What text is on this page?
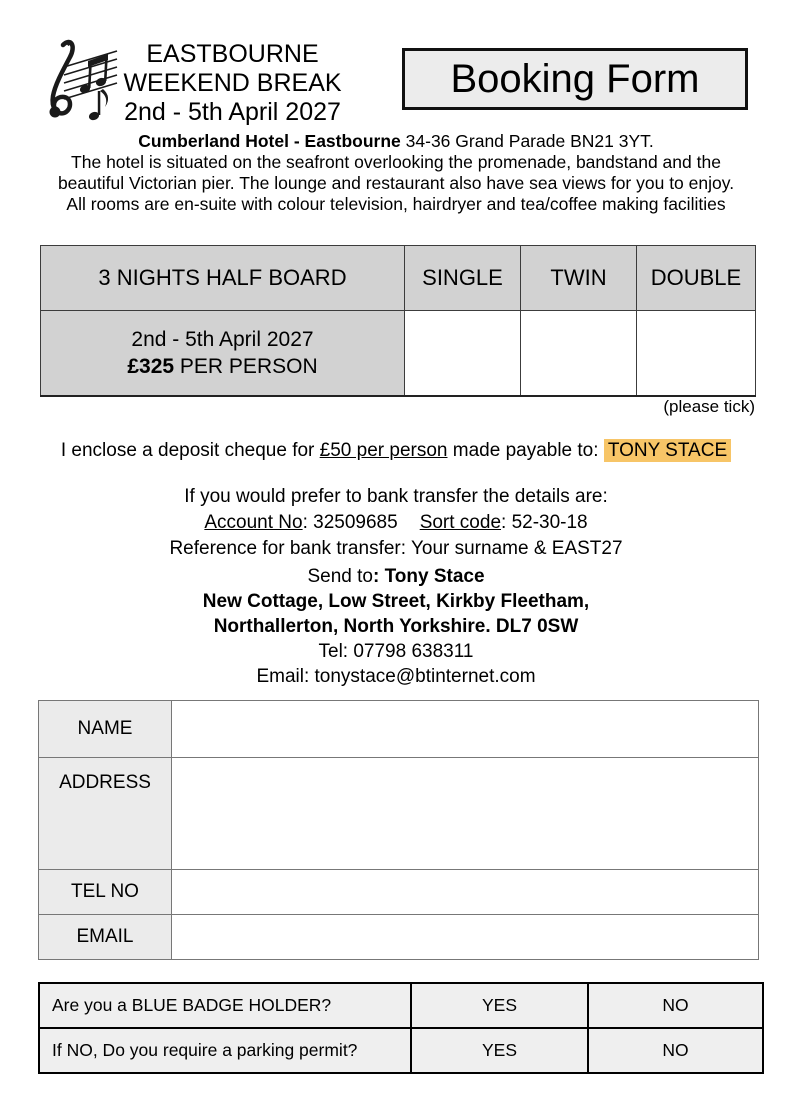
EASTBOURNE
WEEKEND BREAK
2nd - 5th April 2027
Booking Form
Cumberland Hotel - Eastbourne 34-36 Grand Parade BN21 3YT.
The hotel is situated on the seafront overlooking the promenade, bandstand and the
beautiful Victorian pier. The lounge and restaurant also have sea views for you to enjoy.
All rooms are en-suite with colour television, hairdryer and tea/coffee making facilities
3 NIGHTS HALF BOARD	SINGLE	TWIN	DOUBLE

2nd - 5th April 2027
£325 PER PERSON			

(please tick)
I enclose a deposit cheque for £50 per person made payable to: TONY STACE
If you would prefer to bank transfer the details are:
Account No: 32509685 Sort code: 52-30-18
Reference for bank transfer: Your surname & EAST27
Send to: Tony Stace
New Cottage, Low Street, Kirkby Fleetham,
Northallerton, North Yorkshire. DL7 0SW
Tel: 07798 638311
Email: tonystace@btinternet.com
NAME	
ADDRESS	
TEL NO	
EMAIL	
Are you a BLUE BADGE HOLDER?	YES	NO
If NO, Do you require a parking permit?	YES	NO
